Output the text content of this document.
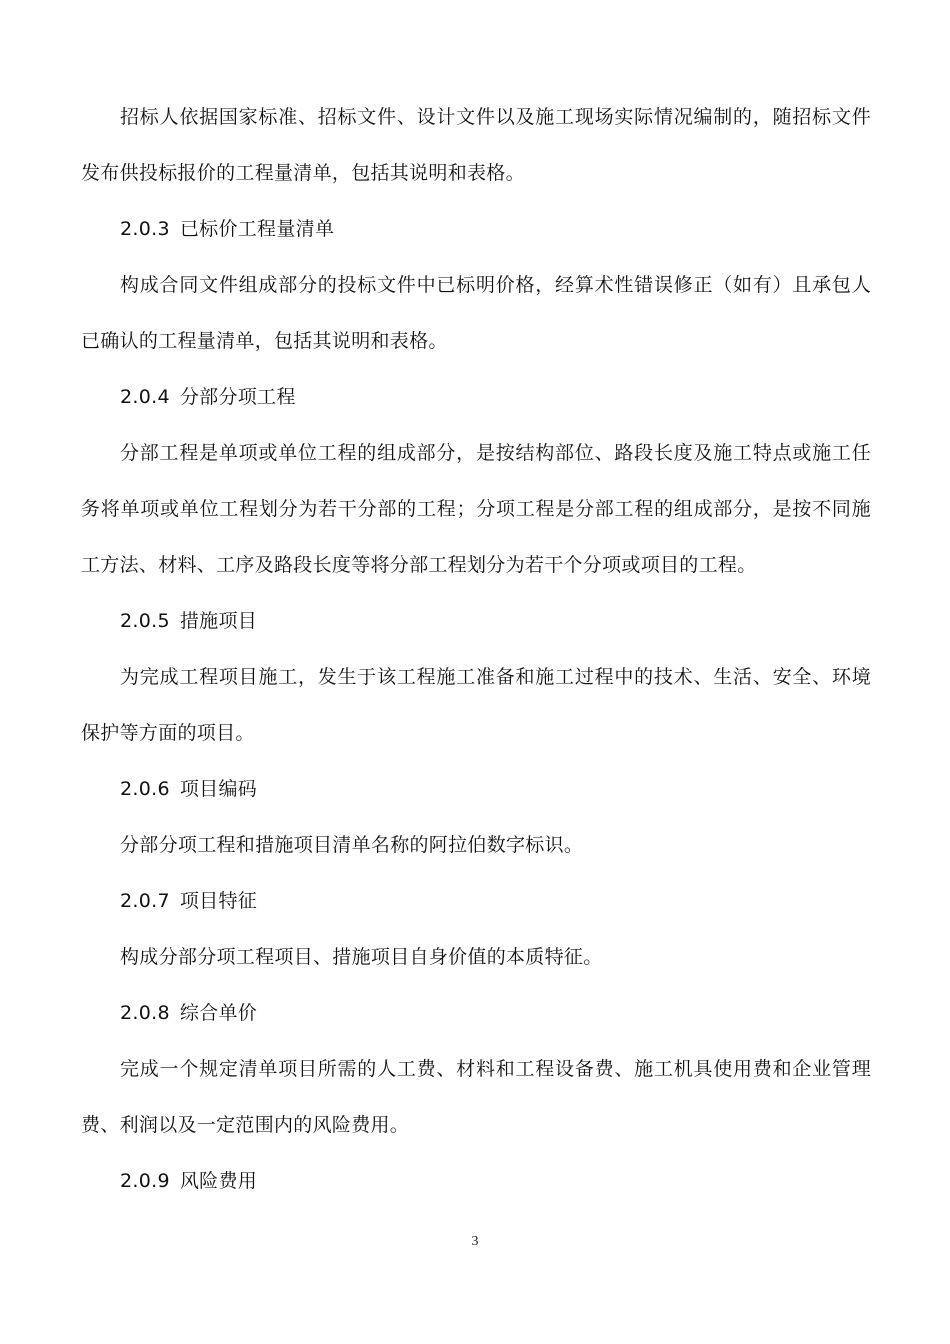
招标人依据国家标准、招标文件、设计文件以及施工现场实际情况编制的，随招标文件发布供投标报价的工程量清单，包括其说明和表格。

2.0.3 已标价工程量清单

构成合同文件组成部分的投标文件中已标明价格，经算术性错误修正（如有）且承包人已确认的工程量清单，包括其说明和表格。

2.0.4 分部分项工程

分部工程是单项或单位工程的组成部分，是按结构部位、路段长度及施工特点或施工任务将单项或单位工程划分为若干分部的工程；分项工程是分部工程的组成部分，是按不同施工方法、材料、工序及路段长度等将分部工程划分为若干个分项或项目的工程。

2.0.5 措施项目

为完成工程项目施工，发生于该工程施工准备和施工过程中的技术、生活、安全、环境保护等方面的项目。

2.0.6 项目编码

分部分项工程和措施项目清单名称的阿拉伯数字标识。

2.0.7 项目特征

构成分部分项工程项目、措施项目自身价值的本质特征。

2.0.8 综合单价

完成一个规定清单项目所需的人工费、材料和工程设备费、施工机具使用费和企业管理费、利润以及一定范围内的风险费用。

2.0.9 风险费用

3
